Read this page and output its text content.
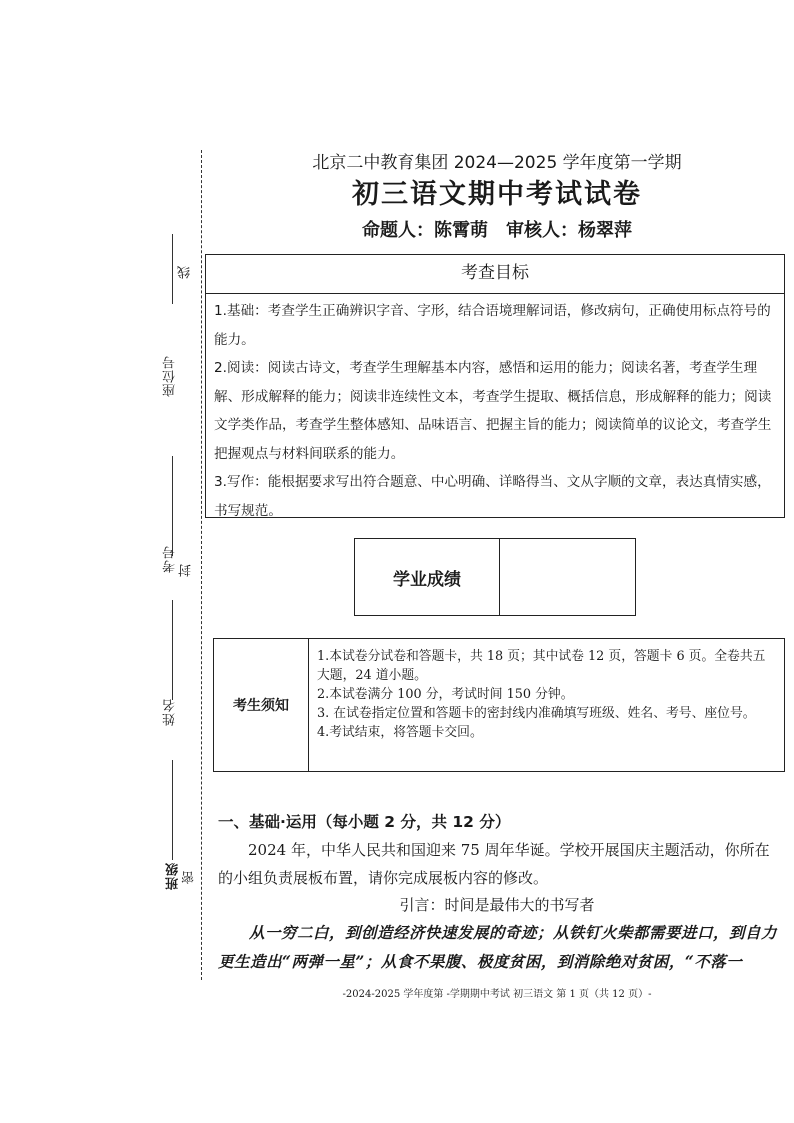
线
座位号
考号 封
姓名
班级 密
北京二中教育集团 2024—2025 学年度第一学期
初三语文期中考试试卷
命题人：陈霄萌　审核人：杨翠萍
考查目标

1.基础：考查学生正确辨识字音、字形，结合语境理解词语，修改病句，正确使用标点符号的能力。

2.阅读：阅读古诗文，考查学生理解基本内容，感悟和运用的能力；阅读名著，考查学生理解、形成解释的能力；阅读非连续性文本，考查学生提取、概括信息，形成解释的能力；阅读文学类作品，考查学生整体感知、品味语言、把握主旨的能力；阅读简单的议论文，考查学生把握观点与材料间联系的能力。

3.写作：能根据要求写出符合题意、中心明确、详略得当、文从字顺的文章，表达真情实感，书写规范。

学业成绩
考生须知
1.本试卷分试卷和答题卡，共 18 页；其中试卷 12 页，答题卡 6 页。全卷共五大题，24 道小题。
2.本试卷满分 100 分，考试时间 150 分钟。
3. 在试卷指定位置和答题卡的密封线内准确填写班级、姓名、考号、座位号。
4.考试结束，将答题卡交回。
一、基础·运用（每小题 2 分，共 12 分）
2024 年，中华人民共和国迎来 75 周年华诞。学校开展国庆主题活动，你所在的小组负责展板布置，请你完成展板内容的修改。
引言：时间是最伟大的书写者
从一穷二白，到创造经济快速发展的奇迹；从铁钉火柴都需要进口，到自力更生造出“两弹一星”；从食不果腹、极度贫困，到消除绝对贫困，“不落一
-2024-2025 学年度第 -学期期中考试 初三语文 第 1 页（共 12 页）-
